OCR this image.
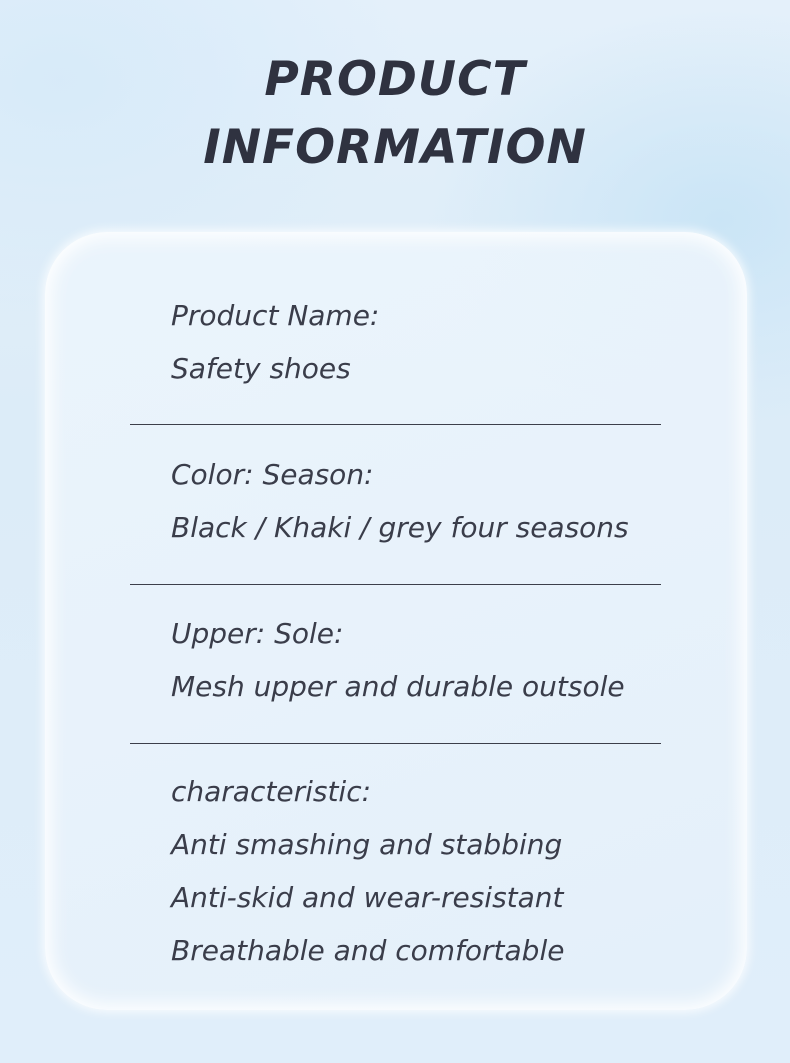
PRODUCT
INFORMATION
Product Name:
Safety shoes
Color: Season:
Black / Khaki / grey four seasons
Upper: Sole:
Mesh upper and durable outsole
characteristic:
Anti smashing and stabbing
Anti-skid and wear-resistant
Breathable and comfortable
